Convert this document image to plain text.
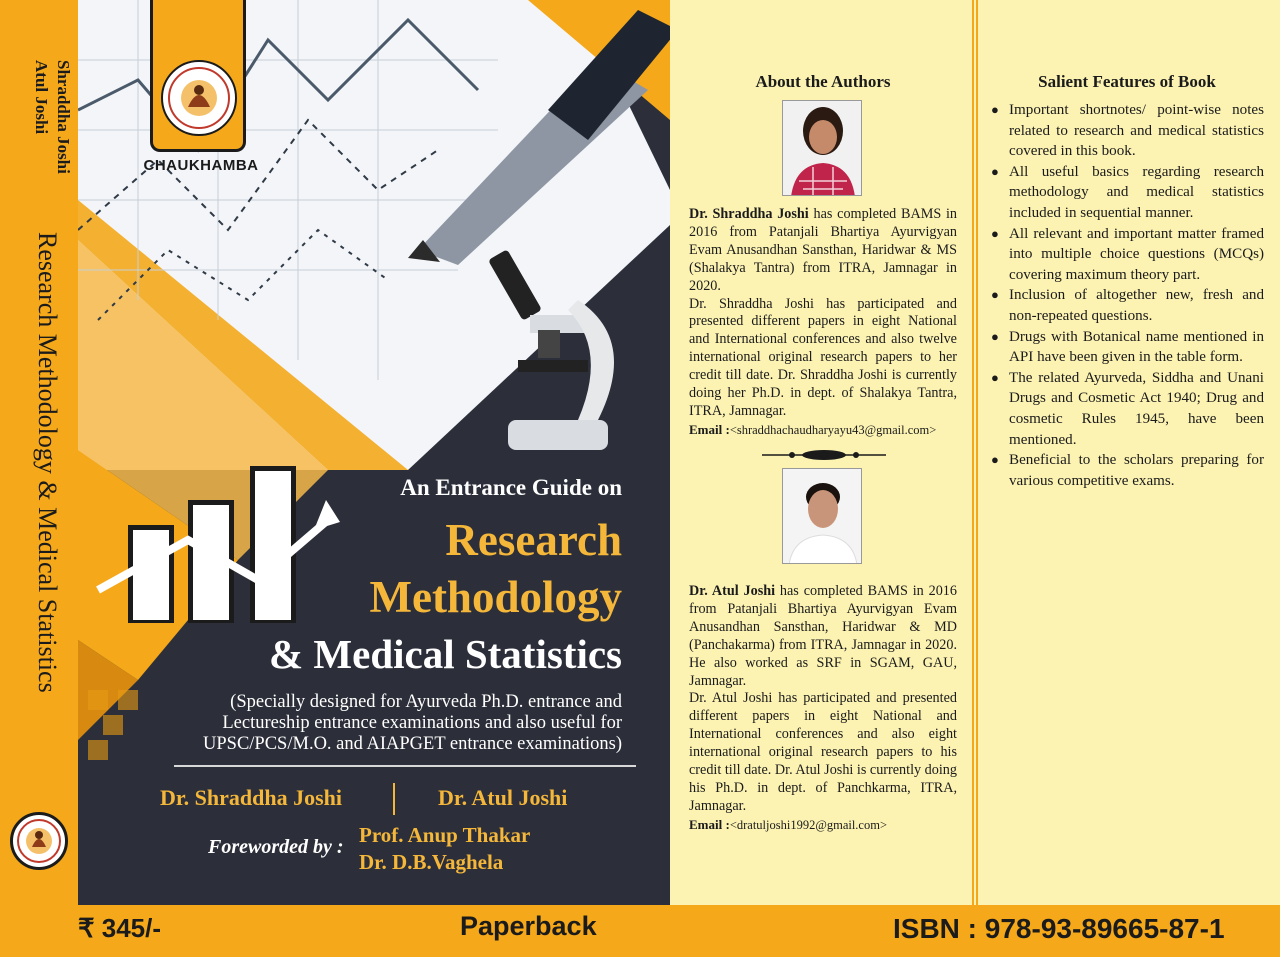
Shraddha Joshi
Atul Joshi
Research Methodology & Medical Statistics
CHAUKHAMBA
An Entrance Guide on
Research
Methodology
& Medical Statistics
(Specially designed for Ayurveda Ph.D. entrance and
Lectureship entrance examinations and also useful for
UPSC/PCS/M.O. and AIAPGET entrance examinations)
Dr. Shraddha Joshi	Dr. Atul Joshi
Foreworded by : Prof. Anup Thakar
Dr. D.B.Vaghela
About the Authors

Dr. Shraddha Joshi has completed BAMS in 2016 from Patanjali Bhartiya Ayurvigyan Evam Anusandhan Sansthan, Haridwar & MS (Shalakya Tantra) from ITRA, Jamnagar in 2020.

Dr. Shraddha Joshi has participated and presented different papers in eight National and International conferences and also twelve international original research papers to her credit till date. Dr. Shraddha Joshi is currently doing her Ph.D. in dept. of Shalakya Tantra, ITRA, Jamnagar.

Email :<shraddhachaudharyayu43@gmail.com>

Dr. Atul Joshi has completed BAMS in 2016 from Patanjali Bhartiya Ayurvigyan Evam Anusandhan Sansthan, Haridwar & MD (Panchakarma) from ITRA, Jamnagar in 2020. He also worked as SRF in SGAM, GAU, Jamnagar.

Dr. Atul Joshi has participated and presented different papers in eight National and International conferences and also eight international original research papers to his credit till date. Dr. Atul Joshi is currently doing his Ph.D. in dept. of Panchkarma, ITRA, Jamnagar.

Email :<dratuljoshi1992@gmail.com>

Salient Features of Book
● Important shortnotes/ point-wise notes related to research and medical statistics covered in this book.
● All useful basics regarding research methodology and medical statistics included in sequential manner.
● All relevant and important matter framed into multiple choice questions (MCQs) covering maximum theory part.
● Inclusion of altogether new, fresh and non-repeated questions.
● Drugs with Botanical name mentioned in API have been given in the table form.
● The related Ayurveda, Siddha and Unani Drugs and Cosmetic Act 1940; Drug and cosmetic Rules 1945, have been mentioned.
● Beneficial to the scholars preparing for various competitive exams.
₹ 345/-	Paperback	ISBN : 978-93-89665-87-1
